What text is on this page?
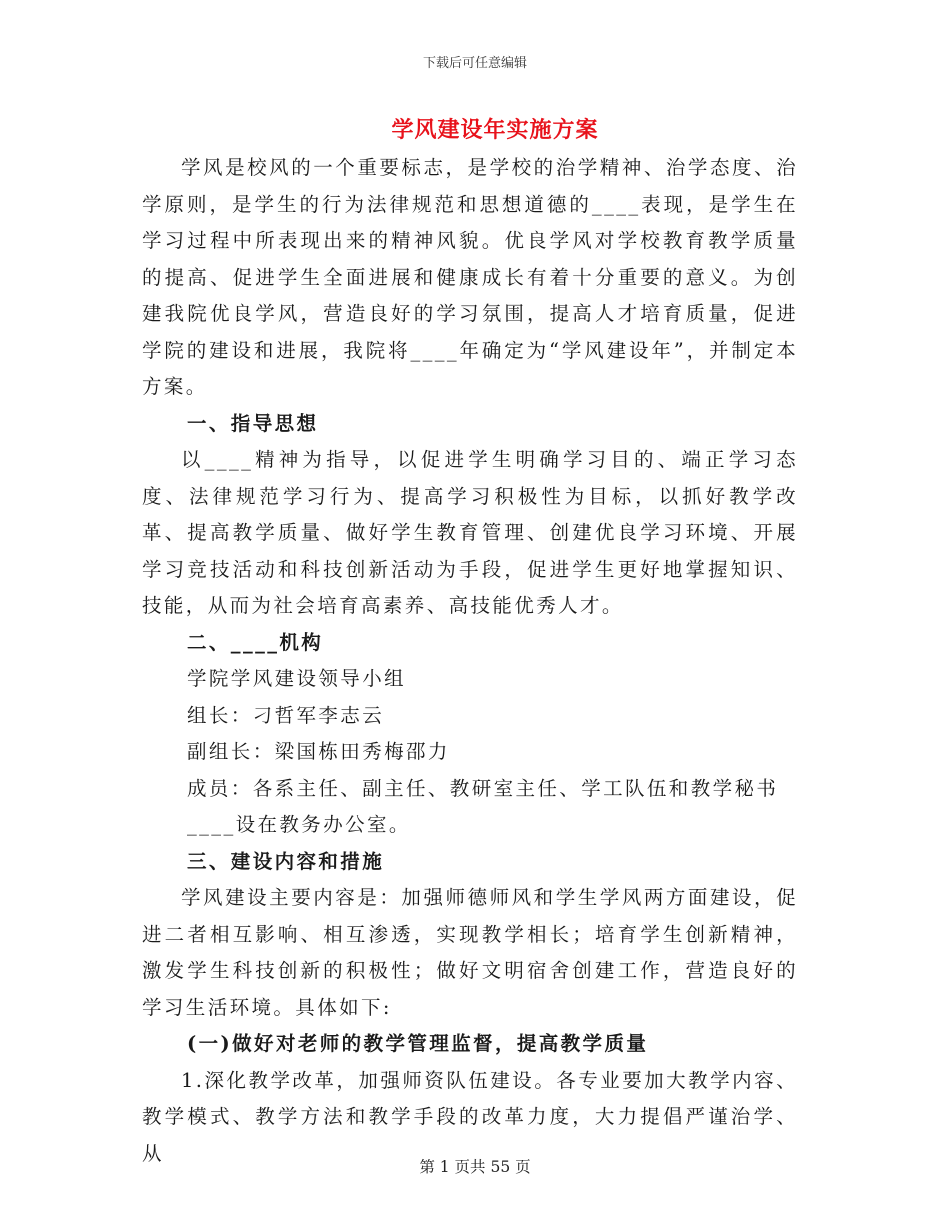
下载后可任意编辑
学风建设年实施方案

学风是校风的一个重要标志，是学校的治学精神、治学态度、治学原则，是学生的行为法律规范和思想道德的____表现，是学生在学习过程中所表现出来的精神风貌。优良学风对学校教育教学质量的提高、促进学生全面进展和健康成长有着十分重要的意义。为创建我院优良学风，营造良好的学习氛围，提高人才培育质量，促进学院的建设和进展，我院将____年确定为“学风建设年”，并制定本方案。

一、指导思想

以____精神为指导，以促进学生明确学习目的、端正学习态度、法律规范学习行为、提高学习积极性为目标，以抓好教学改革、提高教学质量、做好学生教育管理、创建优良学习环境、开展学习竞技活动和科技创新活动为手段，促进学生更好地掌握知识、技能，从而为社会培育高素养、高技能优秀人才。

二、____机构

学院学风建设领导小组

组长：刁哲军李志云

副组长：梁国栋田秀梅邵力

成员：各系主任、副主任、教研室主任、学工队伍和教学秘书

____设在教务办公室。

三、建设内容和措施

学风建设主要内容是：加强师德师风和学生学风两方面建设，促进二者相互影响、相互渗透，实现教学相长；培育学生创新精神，激发学生科技创新的积极性；做好文明宿舍创建工作，营造良好的学习生活环境。具体如下:

(一)做好对老师的教学管理监督，提高教学质量

1.深化教学改革，加强师资队伍建设。各专业要加大教学内容、教学模式、教学方法和教学手段的改革力度，大力提倡严谨治学、从

第 1 页共 55 页
